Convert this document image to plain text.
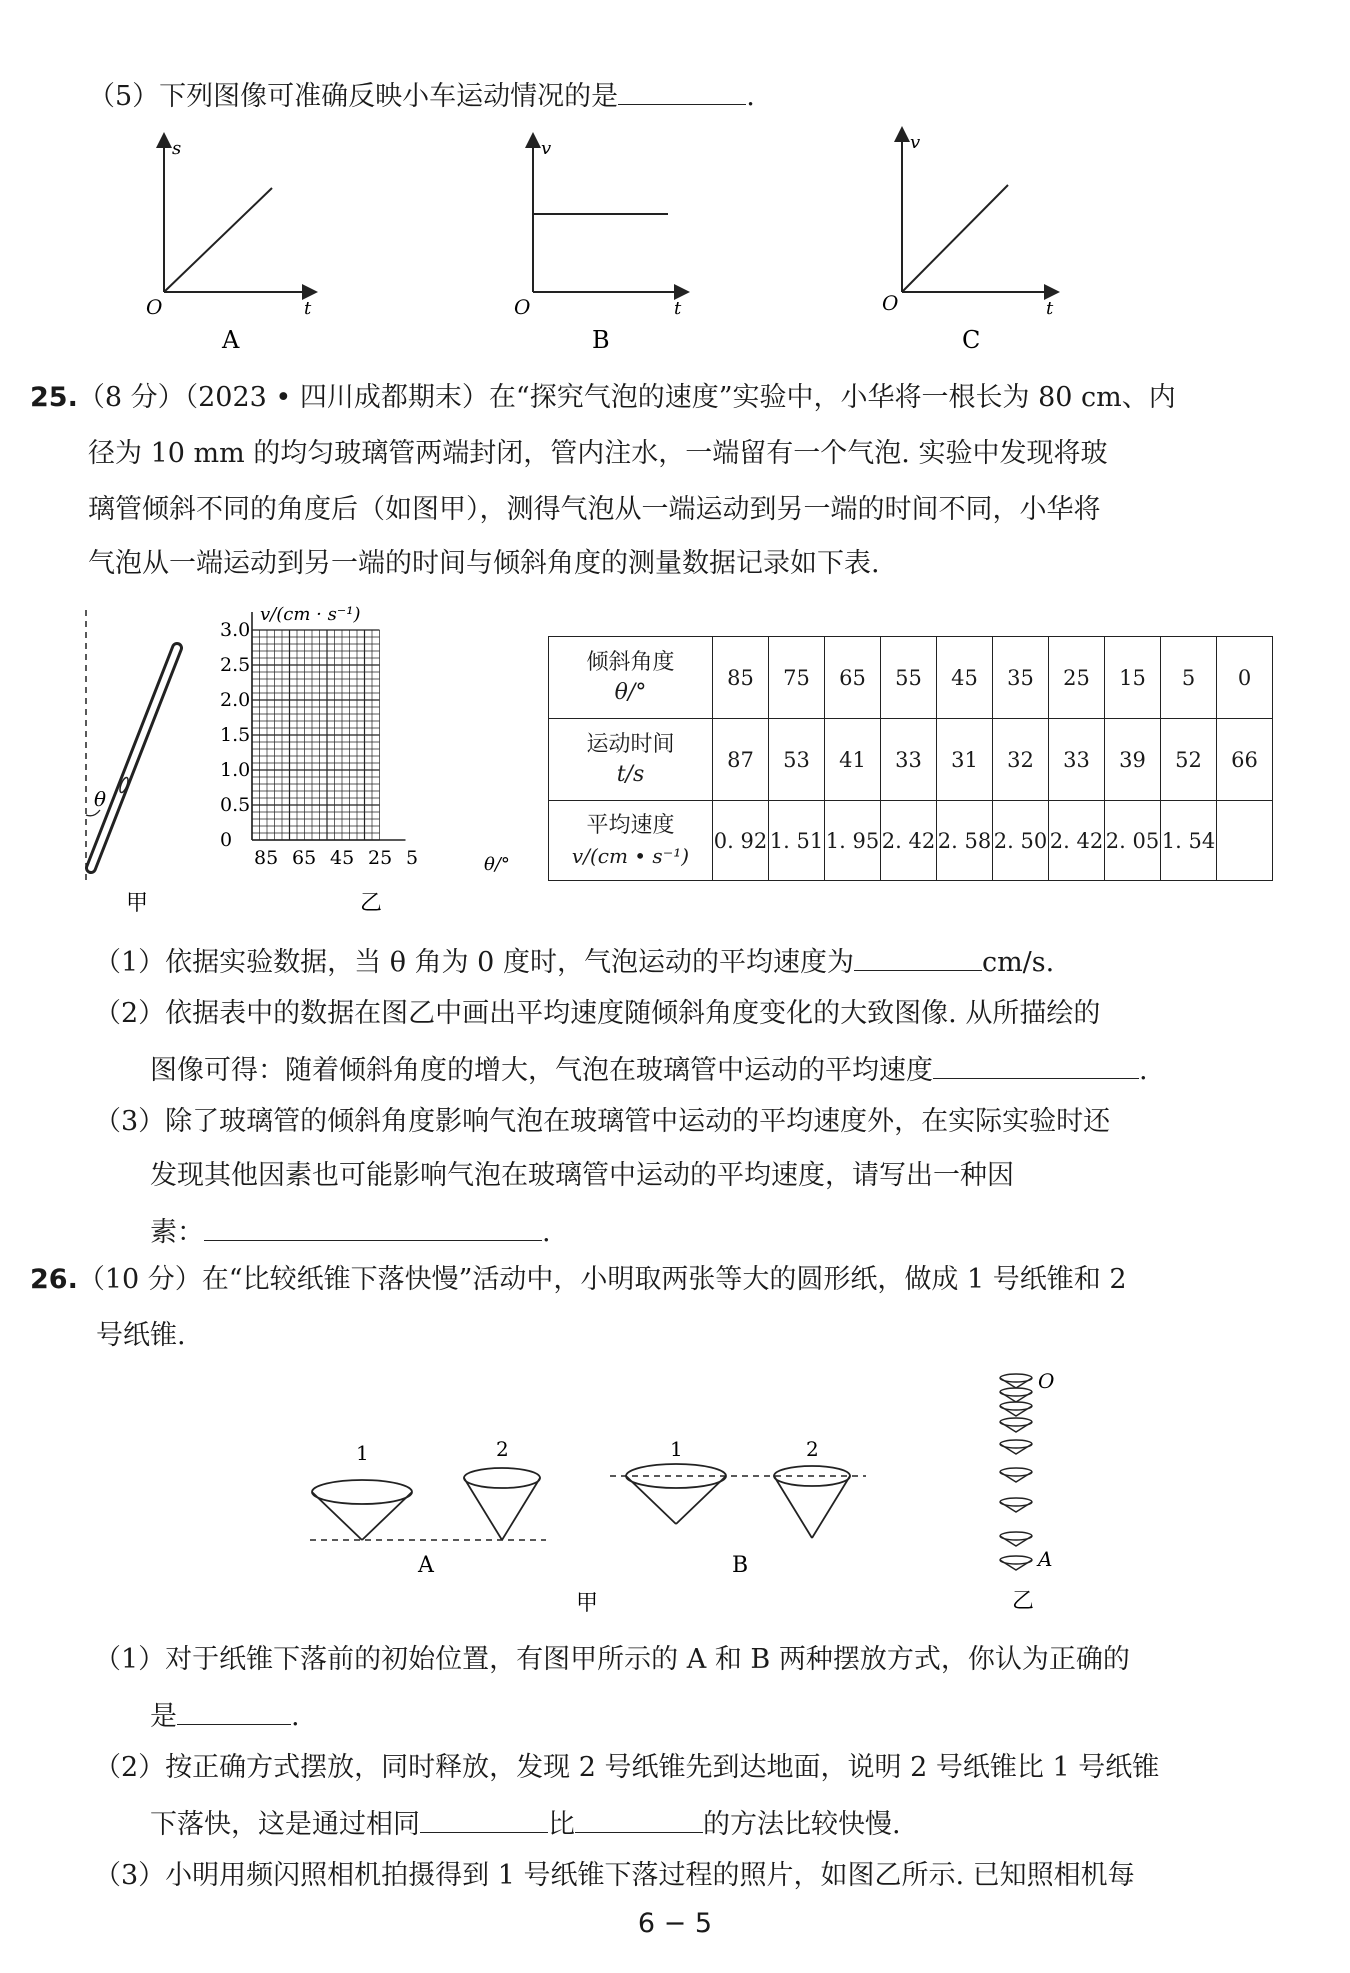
（5）下列图像可准确反映小车运动情况的是	.
s
t
O
A
v
t
O
B
v
t
O
C
25.（8 分）（2023 • 四川成都期末）在“探究气泡的速度”实验中，小华将一根长为 80 cm、内
径为 10 mm 的均匀玻璃管两端封闭，管内注水，一端留有一个气泡. 实验中发现将玻
璃管倾斜不同的角度后（如图甲），测得气泡从一端运动到另一端的时间不同，小华将
气泡从一端运动到另一端的时间与倾斜角度的测量数据记录如下表.
θ
甲
v/(cm · s⁻¹)
θ/°
乙
0
0.5
1.0
1.5
2.0
2.5
3.0
85 65 45 25 5
倾斜角度
θ/°	85	75	65	55	45	35	25	15	5	0

运动时间
t/s	87	53	41	33	31	32	33	39	52	66

平均速度
v/(cm • s⁻¹)	0. 92	1. 51	1. 95	2. 42	2. 58	2. 50	2. 42	2. 05	1. 54	
（1）依据实验数据，当 θ 角为 0 度时，气泡运动的平均速度为	cm/s.
（2）依据表中的数据在图乙中画出平均速度随倾斜角度变化的大致图像. 从所描绘的
图像可得：随着倾斜角度的增大，气泡在玻璃管中运动的平均速度	.
（3）除了玻璃管的倾斜角度影响气泡在玻璃管中运动的平均速度外，在实际实验时还
发现其他因素也可能影响气泡在玻璃管中运动的平均速度，请写出一种因
素：	.
26.（10 分）在“比较纸锥下落快慢”活动中，小明取两张等大的圆形纸，做成 1 号纸锥和 2
号纸锥.
1	2
A
1	2
B
甲
O
A
乙
（1）对于纸锥下落前的初始位置，有图甲所示的 A 和 B 两种摆放方式，你认为正确的
是	.
（2）按正确方式摆放，同时释放，发现 2 号纸锥先到达地面，说明 2 号纸锥比 1 号纸锥
下落快，这是通过相同	比	的方法比较快慢.
（3）小明用频闪照相机拍摄得到 1 号纸锥下落过程的照片，如图乙所示. 已知照相机每
6 − 5
